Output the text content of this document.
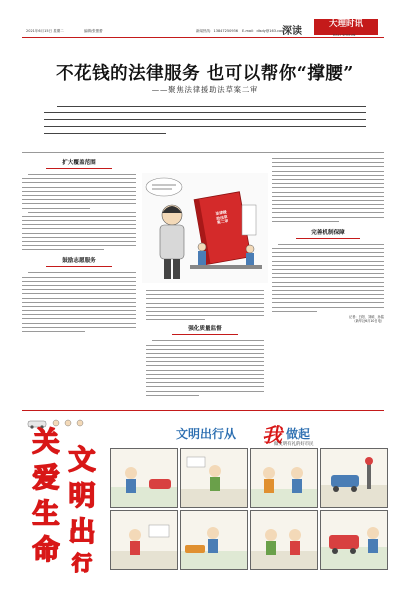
2021年6月15日 星期二	编辑/张蕾蕾	新闻热线：13847250936 E-mail：dlsdy@163.com
深读
大理时讯
DALI SHIXUN
不花钱的法律服务 也可以帮你“撑腰”
——聚焦法律援助法草案二审
扩大覆盖范围
鼓励志愿服务
法律援助法草案二审
强化质量监督
完善机制保障
记者：白阳、刘硕、孙铭
（新华社6月10日电）
关
爱
生
命
文
明
出
行
文明出行从 我 做起
做文明有礼的好市民
